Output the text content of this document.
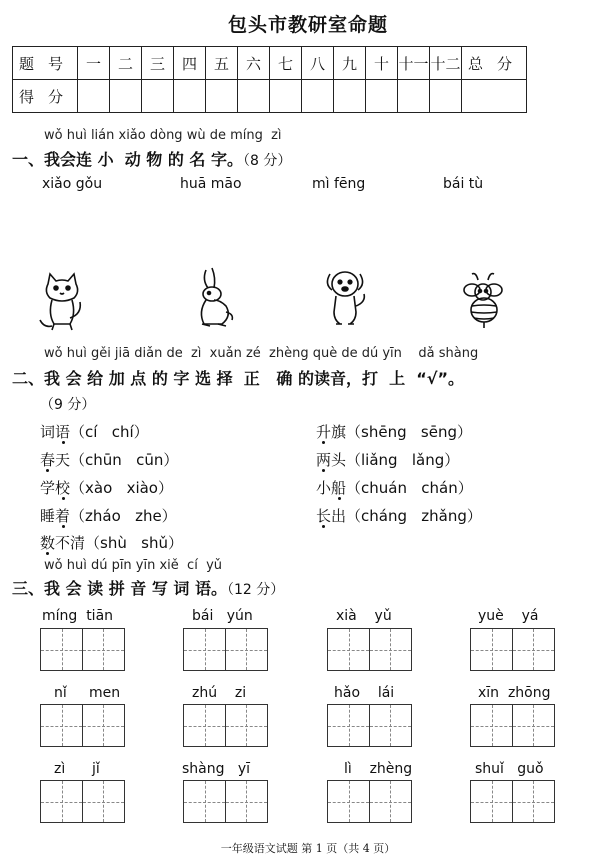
包头市教研室命题
题号	一	二	三	四	五	六	七	八	九	十	十一	十二	总分
得分													
wǒ huì lián xiǎo dòng wù de míng  zì
一、我会连 小  动 物 的 名 字。（8 分）
xiǎo gǒu	huā māo	mì fēng	bái tù
wǒ huì gěi jiā diǎn de  zì  xuǎn zé  zhèng què de dú yīn    dǎ shàng
二、我 会 给 加 点 的 字 选 择  正   确 的读音，打  上  “√”。
（9 分）
词语（cí   chí）
春天（chūn   cūn）
学校（xào   xiào）
睡着（zháo   zhe）
数不清（shù   shǔ）
升旗（shēng   sēng）
两头（liǎng   lǎng）
小船（chuán   chán）
长出（cháng   zhǎng）
wǒ huì dú pīn yīn xiě  cí  yǔ
三、我 会 读 拼 音 写 词 语。（12 分）
míng  tiān	bái   yún	xià    yǔ	yuè    yá
nǐ     men	zhú    zi	hǎo    lái	xīn  zhōng
zì      jǐ	shàng   yī	lì    zhèng	shuǐ   guǒ
一年级语文试题 第 1 页（共 4 页）
